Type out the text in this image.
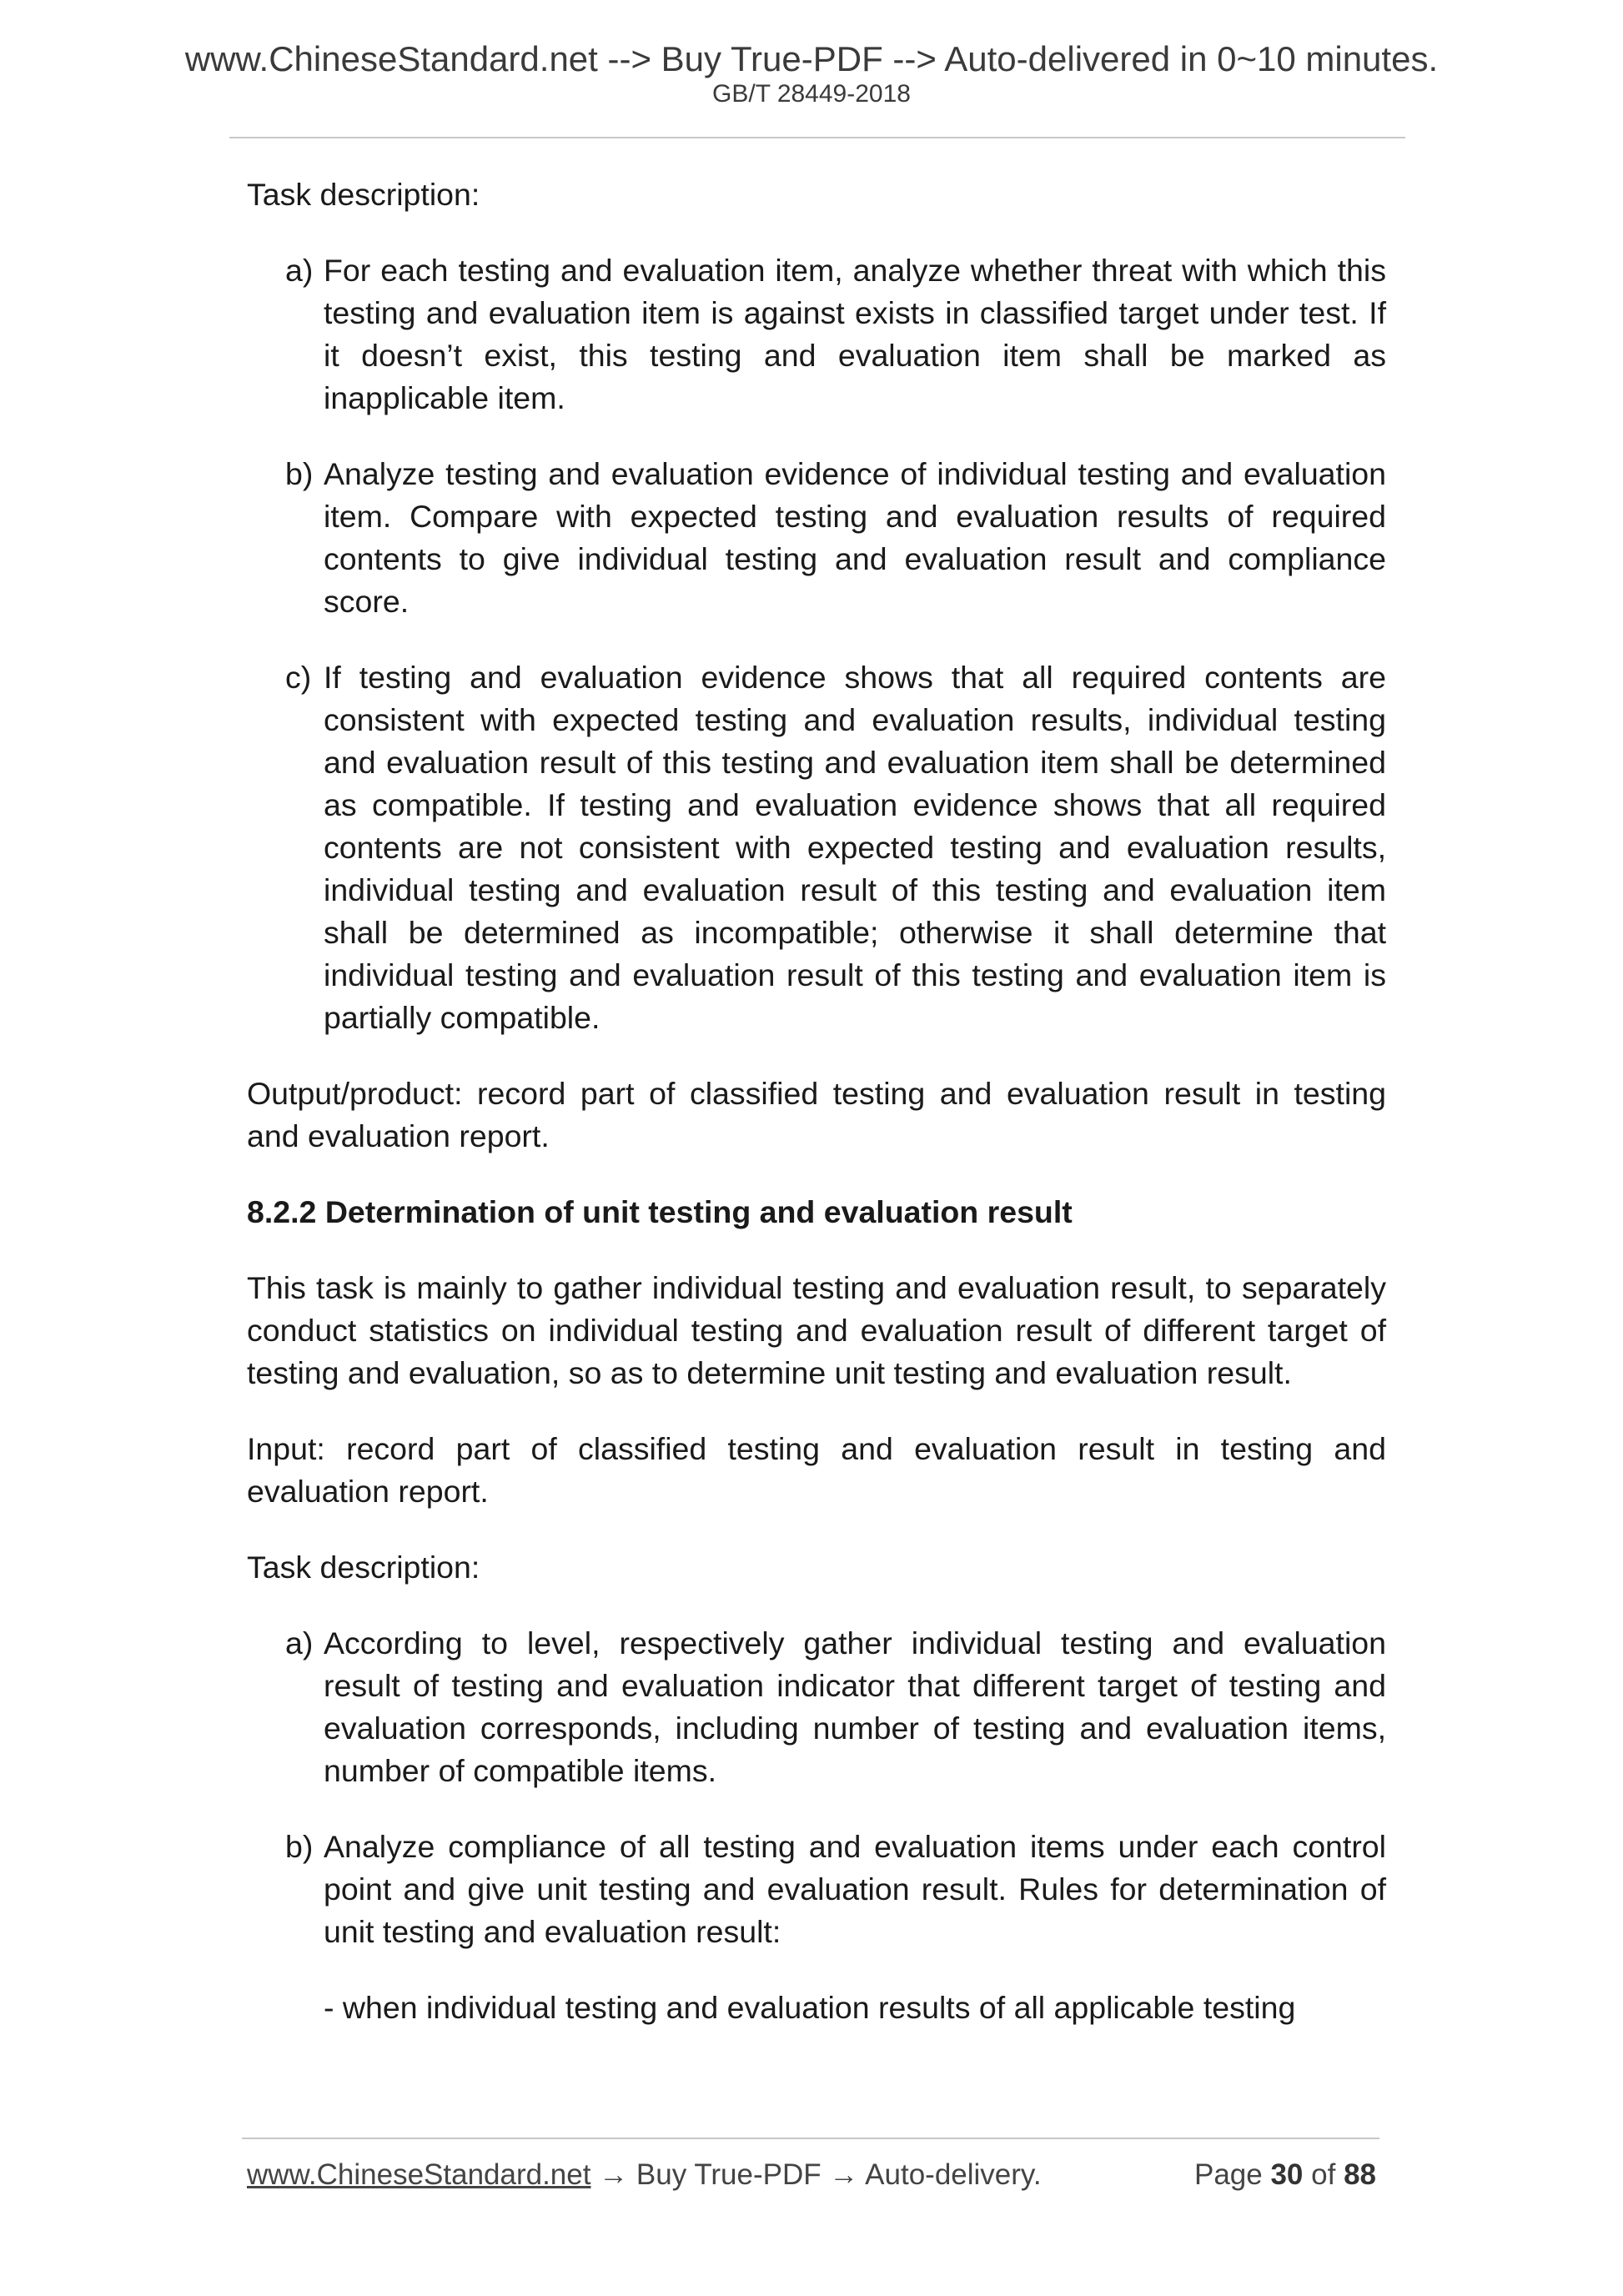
www.ChineseStandard.net --> Buy True-PDF --> Auto-delivered in 0~10 minutes.
GB/T 28449-2018

Task description:

a) For each testing and evaluation item, analyze whether threat with which this testing and evaluation item is against exists in classified target under test. If it doesn’t exist, this testing and evaluation item shall be marked as inapplicable item.
b) Analyze testing and evaluation evidence of individual testing and evaluation item. Compare with expected testing and evaluation results of required contents to give individual testing and evaluation result and compliance score.
c) If testing and evaluation evidence shows that all required contents are consistent with expected testing and evaluation results, individual testing and evaluation result of this testing and evaluation item shall be determined as compatible. If testing and evaluation evidence shows that all required contents are not consistent with expected testing and evaluation results, individual testing and evaluation result of this testing and evaluation item shall be determined as incompatible; otherwise it shall determine that individual testing and evaluation result of this testing and evaluation item is partially compatible.

Output/product: record part of classified testing and evaluation result in testing and evaluation report.

8.2.2 Determination of unit testing and evaluation result

This task is mainly to gather individual testing and evaluation result, to separately conduct statistics on individual testing and evaluation result of different target of testing and evaluation, so as to determine unit testing and evaluation result.

Input: record part of classified testing and evaluation result in testing and evaluation report.

Task description:

a) According to level, respectively gather individual testing and evaluation result of testing and evaluation indicator that different target of testing and evaluation corresponds, including number of testing and evaluation items, number of compatible items.
b) Analyze compliance of all testing and evaluation items under each control point and give unit testing and evaluation result. Rules for determination of unit testing and evaluation result:
- when individual testing and evaluation results of all applicable testing
www.ChineseStandard.net → Buy True-PDF → Auto-delivery.	Page 30 of 88
